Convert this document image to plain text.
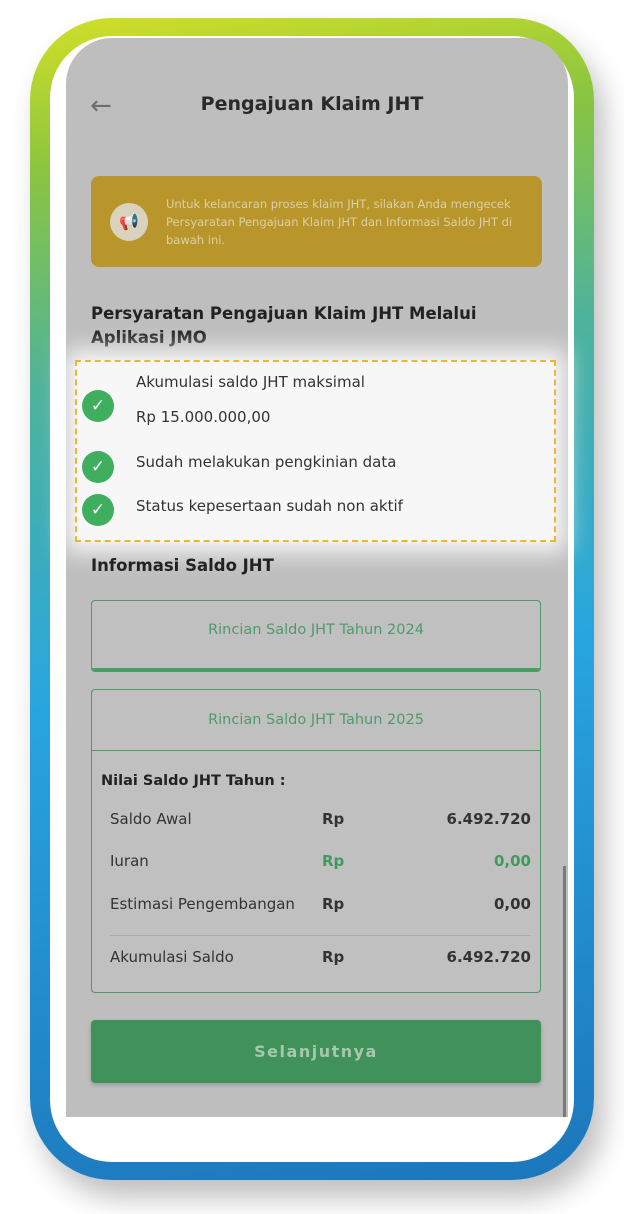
←	Pengajuan Klaim JHT
📢
Untuk kelancaran proses klaim JHT, silakan Anda mengecek Persyaratan Pengajuan Klaim JHT dan Informasi Saldo JHT di bawah ini.
Persyaratan Pengajuan Klaim JHT Melalui Aplikasi JMO
✓
Akumulasi saldo JHT maksimal
Rp 15.000.000,00
✓	Sudah melakukan pengkinian data
✓	Status kepesertaan sudah non aktif
Informasi Saldo JHT
Rincian Saldo JHT Tahun 2024
Rincian Saldo JHT Tahun 2025
Nilai Saldo JHT Tahun :
Saldo Awal	Rp	6.492.720
Iuran	Rp	0,00
Estimasi Pengembangan Rp	0,00
Akumulasi Saldo	Rp	6.492.720
Selanjutnya
